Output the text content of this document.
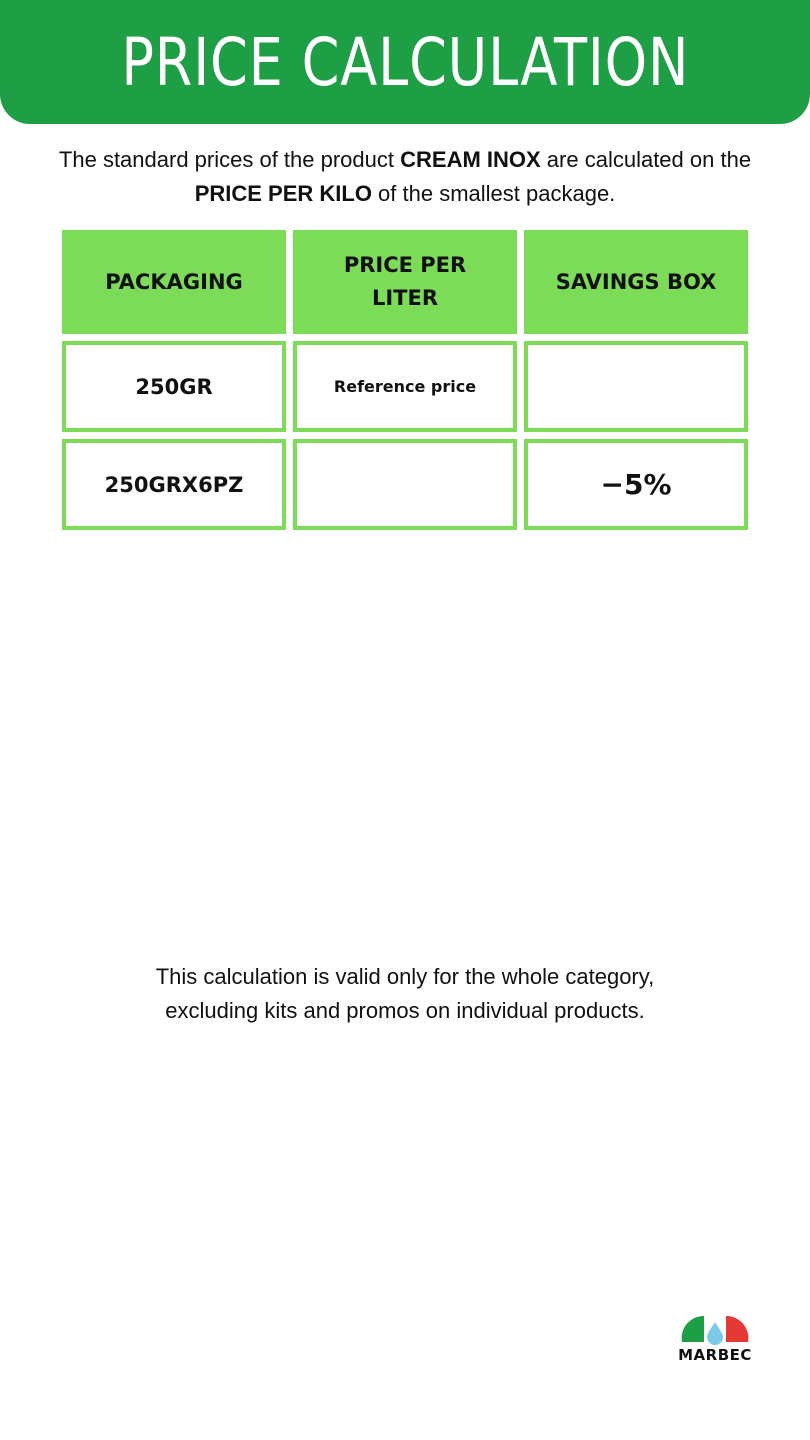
PRICE CALCULATION
The standard prices of the product CREAM INOX are calculated on the
PRICE PER KILO of the smallest package.
PACKAGING
PRICE PER LITER
SAVINGS BOX
250GR	Reference price
250GRX6PZ	−5%
This calculation is valid only for the whole category,
excluding kits and promos on individual products.
MARBEC
